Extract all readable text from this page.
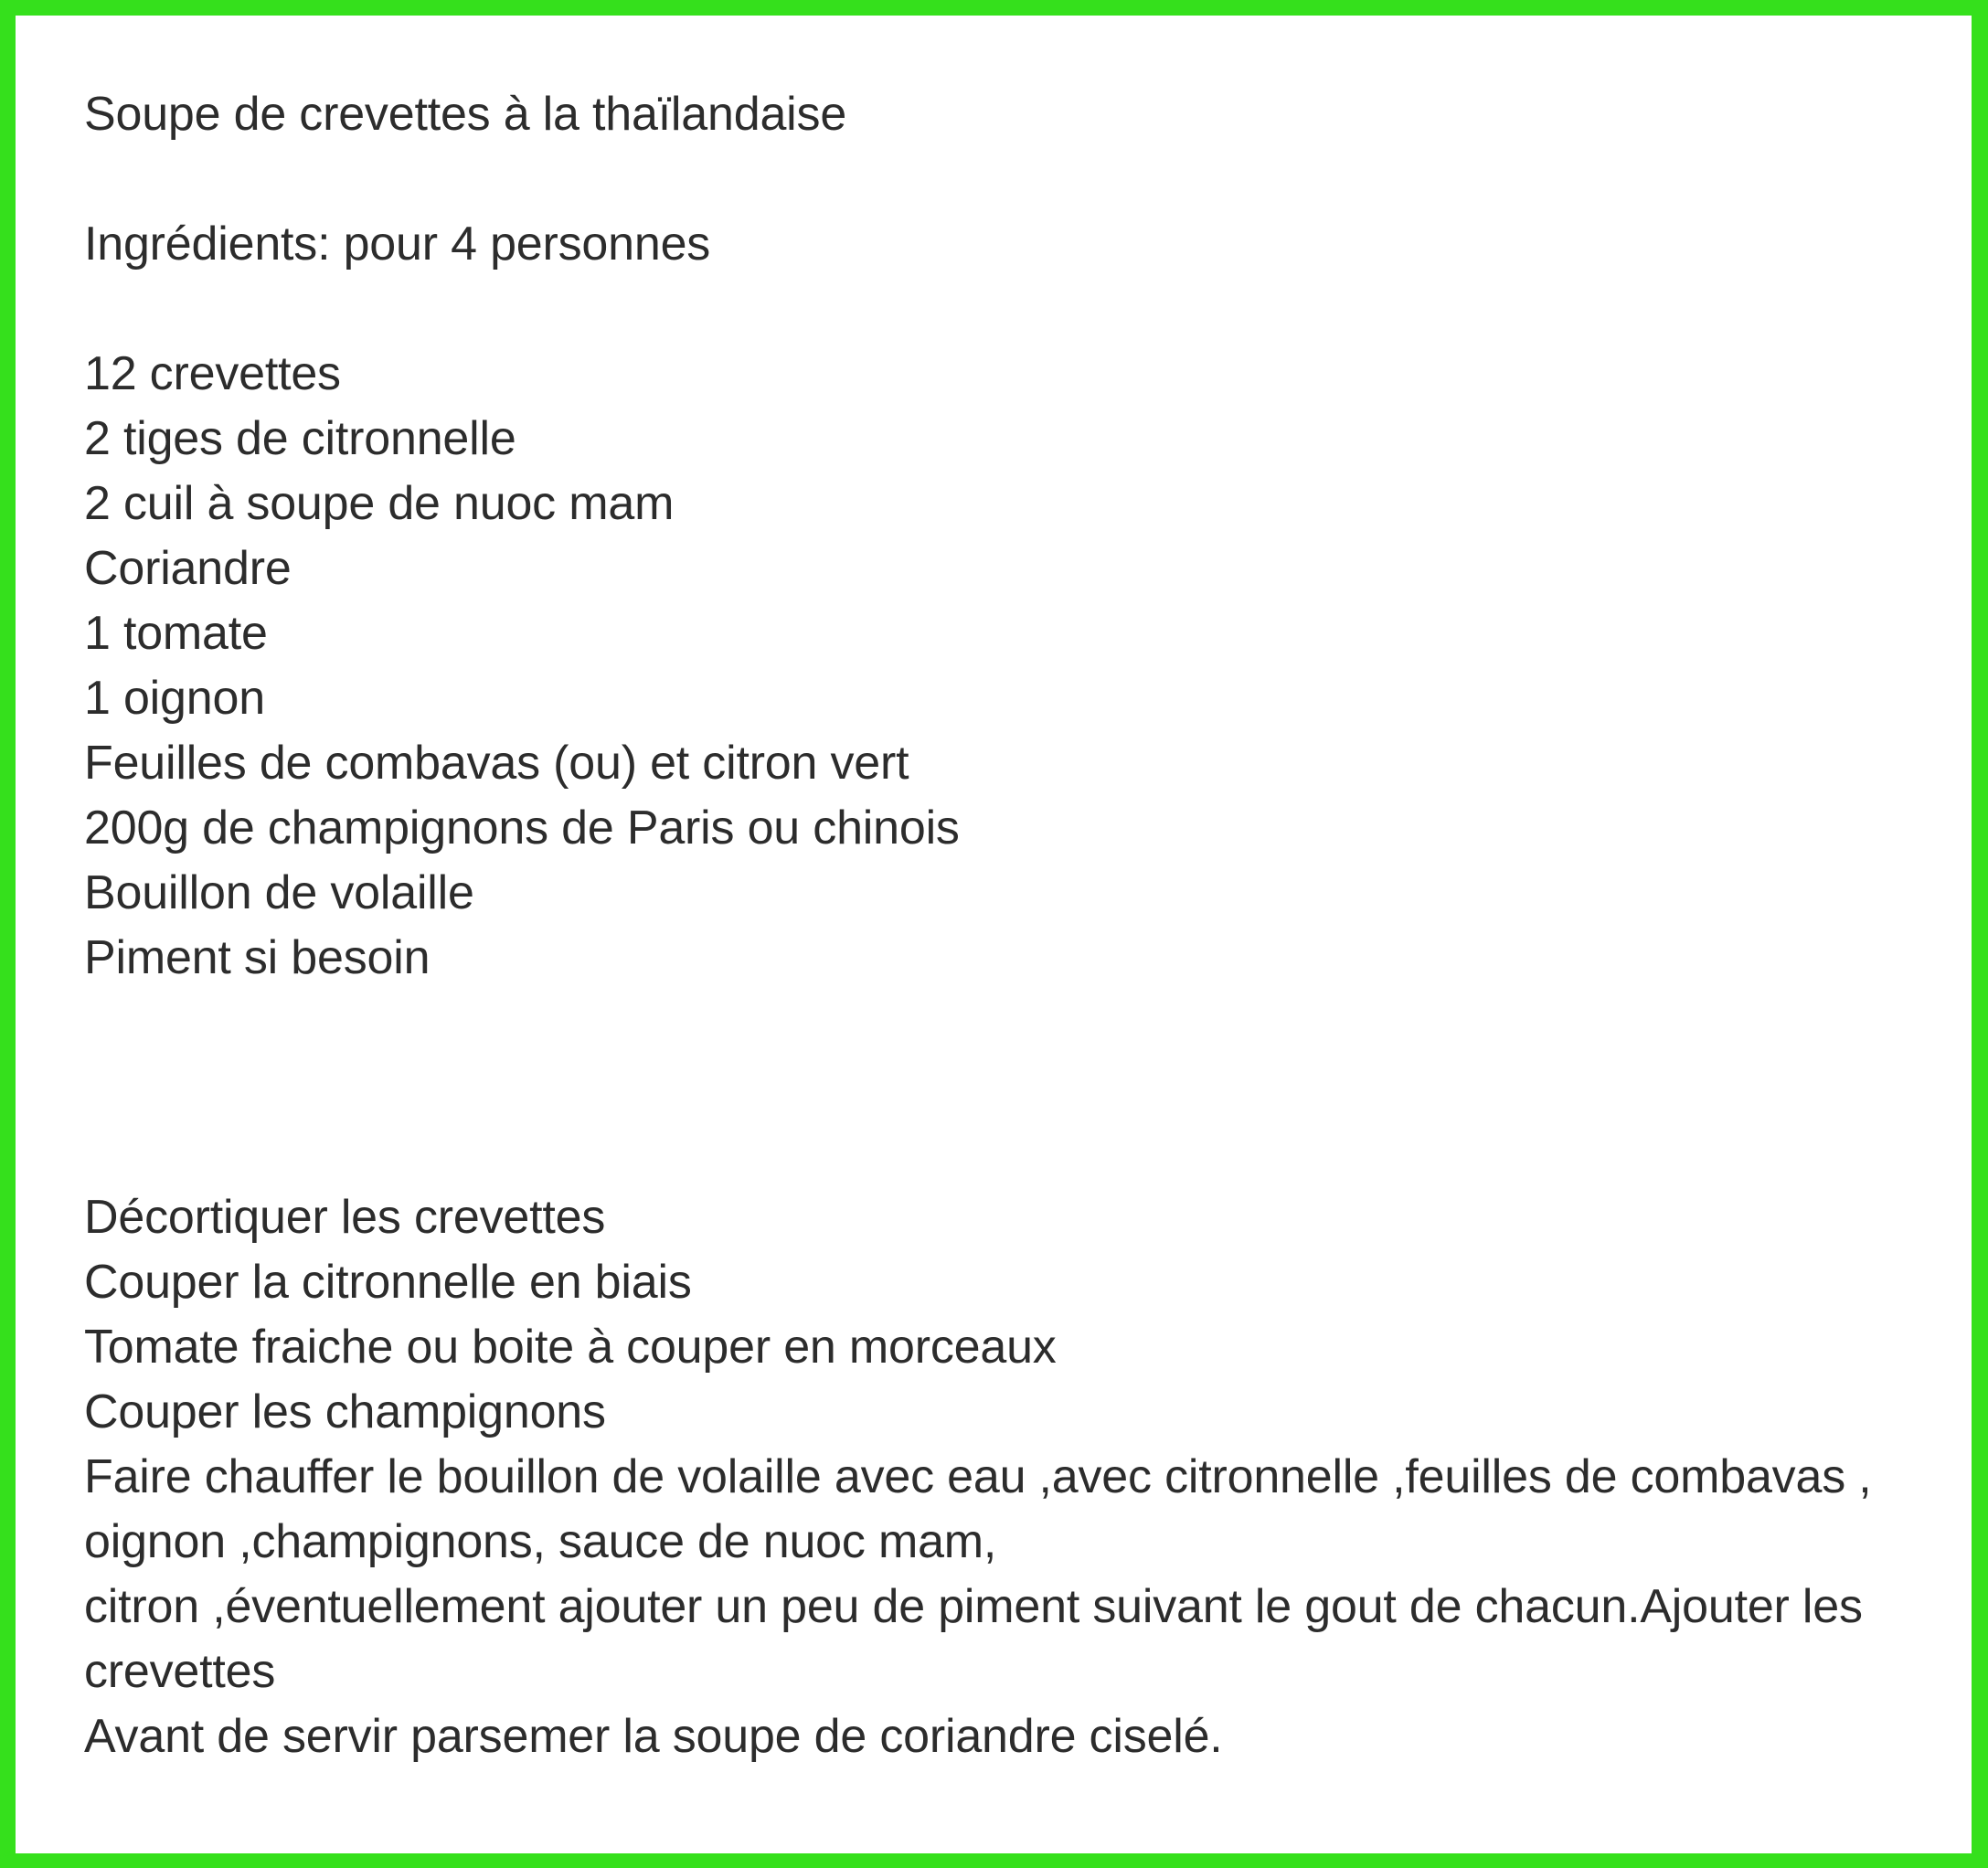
Soupe de crevettes à la thaïlandaise
Ingrédients: pour 4 personnes
12 crevettes
2 tiges de citronnelle
2 cuil à soupe de nuoc mam
Coriandre
1 tomate
1 oignon
Feuilles de combavas (ou) et citron vert
200g de champignons de Paris ou chinois
Bouillon de volaille
Piment si besoin
Décortiquer les crevettes
Couper la citronnelle en biais
Tomate fraiche ou boite à couper en morceaux
Couper les champignons
Faire chauffer le bouillon de volaille avec eau ,avec citronnelle ,feuilles de combavas , oignon ,champignons, sauce de nuoc mam,
citron ,éventuellement ajouter un peu de piment suivant le gout de chacun.Ajouter les crevettes
Avant de servir parsemer la soupe de coriandre ciselé.
